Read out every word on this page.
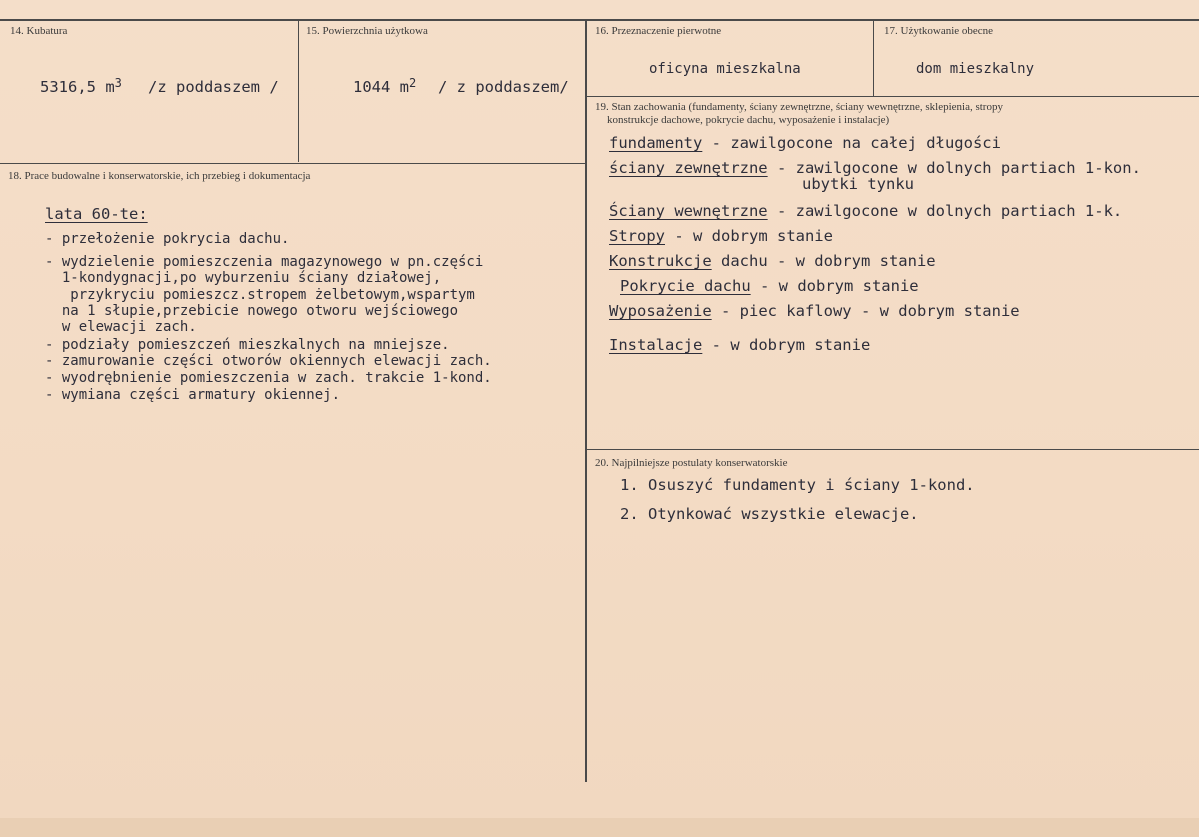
14. Kubatura
5316,5 $m^3$ /z poddaszem /
15. Powierzchnia użytkowa
1044 $m^2$ / z poddaszem/
16. Przeznaczenie pierwotne
oficyna mieszkalna
17. Użytkowanie obecne
dom mieszkalny
18. Prace budowalne i konserwatorskie, ich przebieg i dokumentacja
lata 60-te:
- przełożenie pokrycia dachu.
- wydzielenie pomieszczenia magazynowego w pn.części
1-kondygnacji,po wyburzeniu ściany działowej,
przykryciu pomieszcz.stropem żelbetowym,wspartym
na 1 słupie,przebicie nowego otworu wejściowego
w elewacji zach.
- podziały pomieszczeń mieszkalnych na mniejsze.
- zamurowanie części otworów okiennych elewacji zach.
- wyodrębnienie pomieszczenia w zach. trakcie 1-kond.
- wymiana części armatury okiennej.
19. Stan zachowania (fundamenty, ściany zewnętrzne, ściany wewnętrzne, sklepienia, stropy
konstrukcje dachowe, pokrycie dachu, wyposażenie i instalacje)
fundamenty - zawilgocone na całej długości
ściany zewnętrzne - zawilgocone w dolnych partiach 1-kon.
ubytki tynku
Ściany wewnętrzne - zawilgocone w dolnych partiach 1-k.
Stropy - w dobrym stanie
Konstrukcje dachu - w dobrym stanie
Pokrycie dachu - w dobrym stanie
Wyposażenie - piec kaflowy - w dobrym stanie
Instalacje - w dobrym stanie
20. Najpilniejsze postulaty konserwatorskie
1. Osuszyć fundamenty i ściany 1-kond.
2. Otynkować wszystkie elewacje.
